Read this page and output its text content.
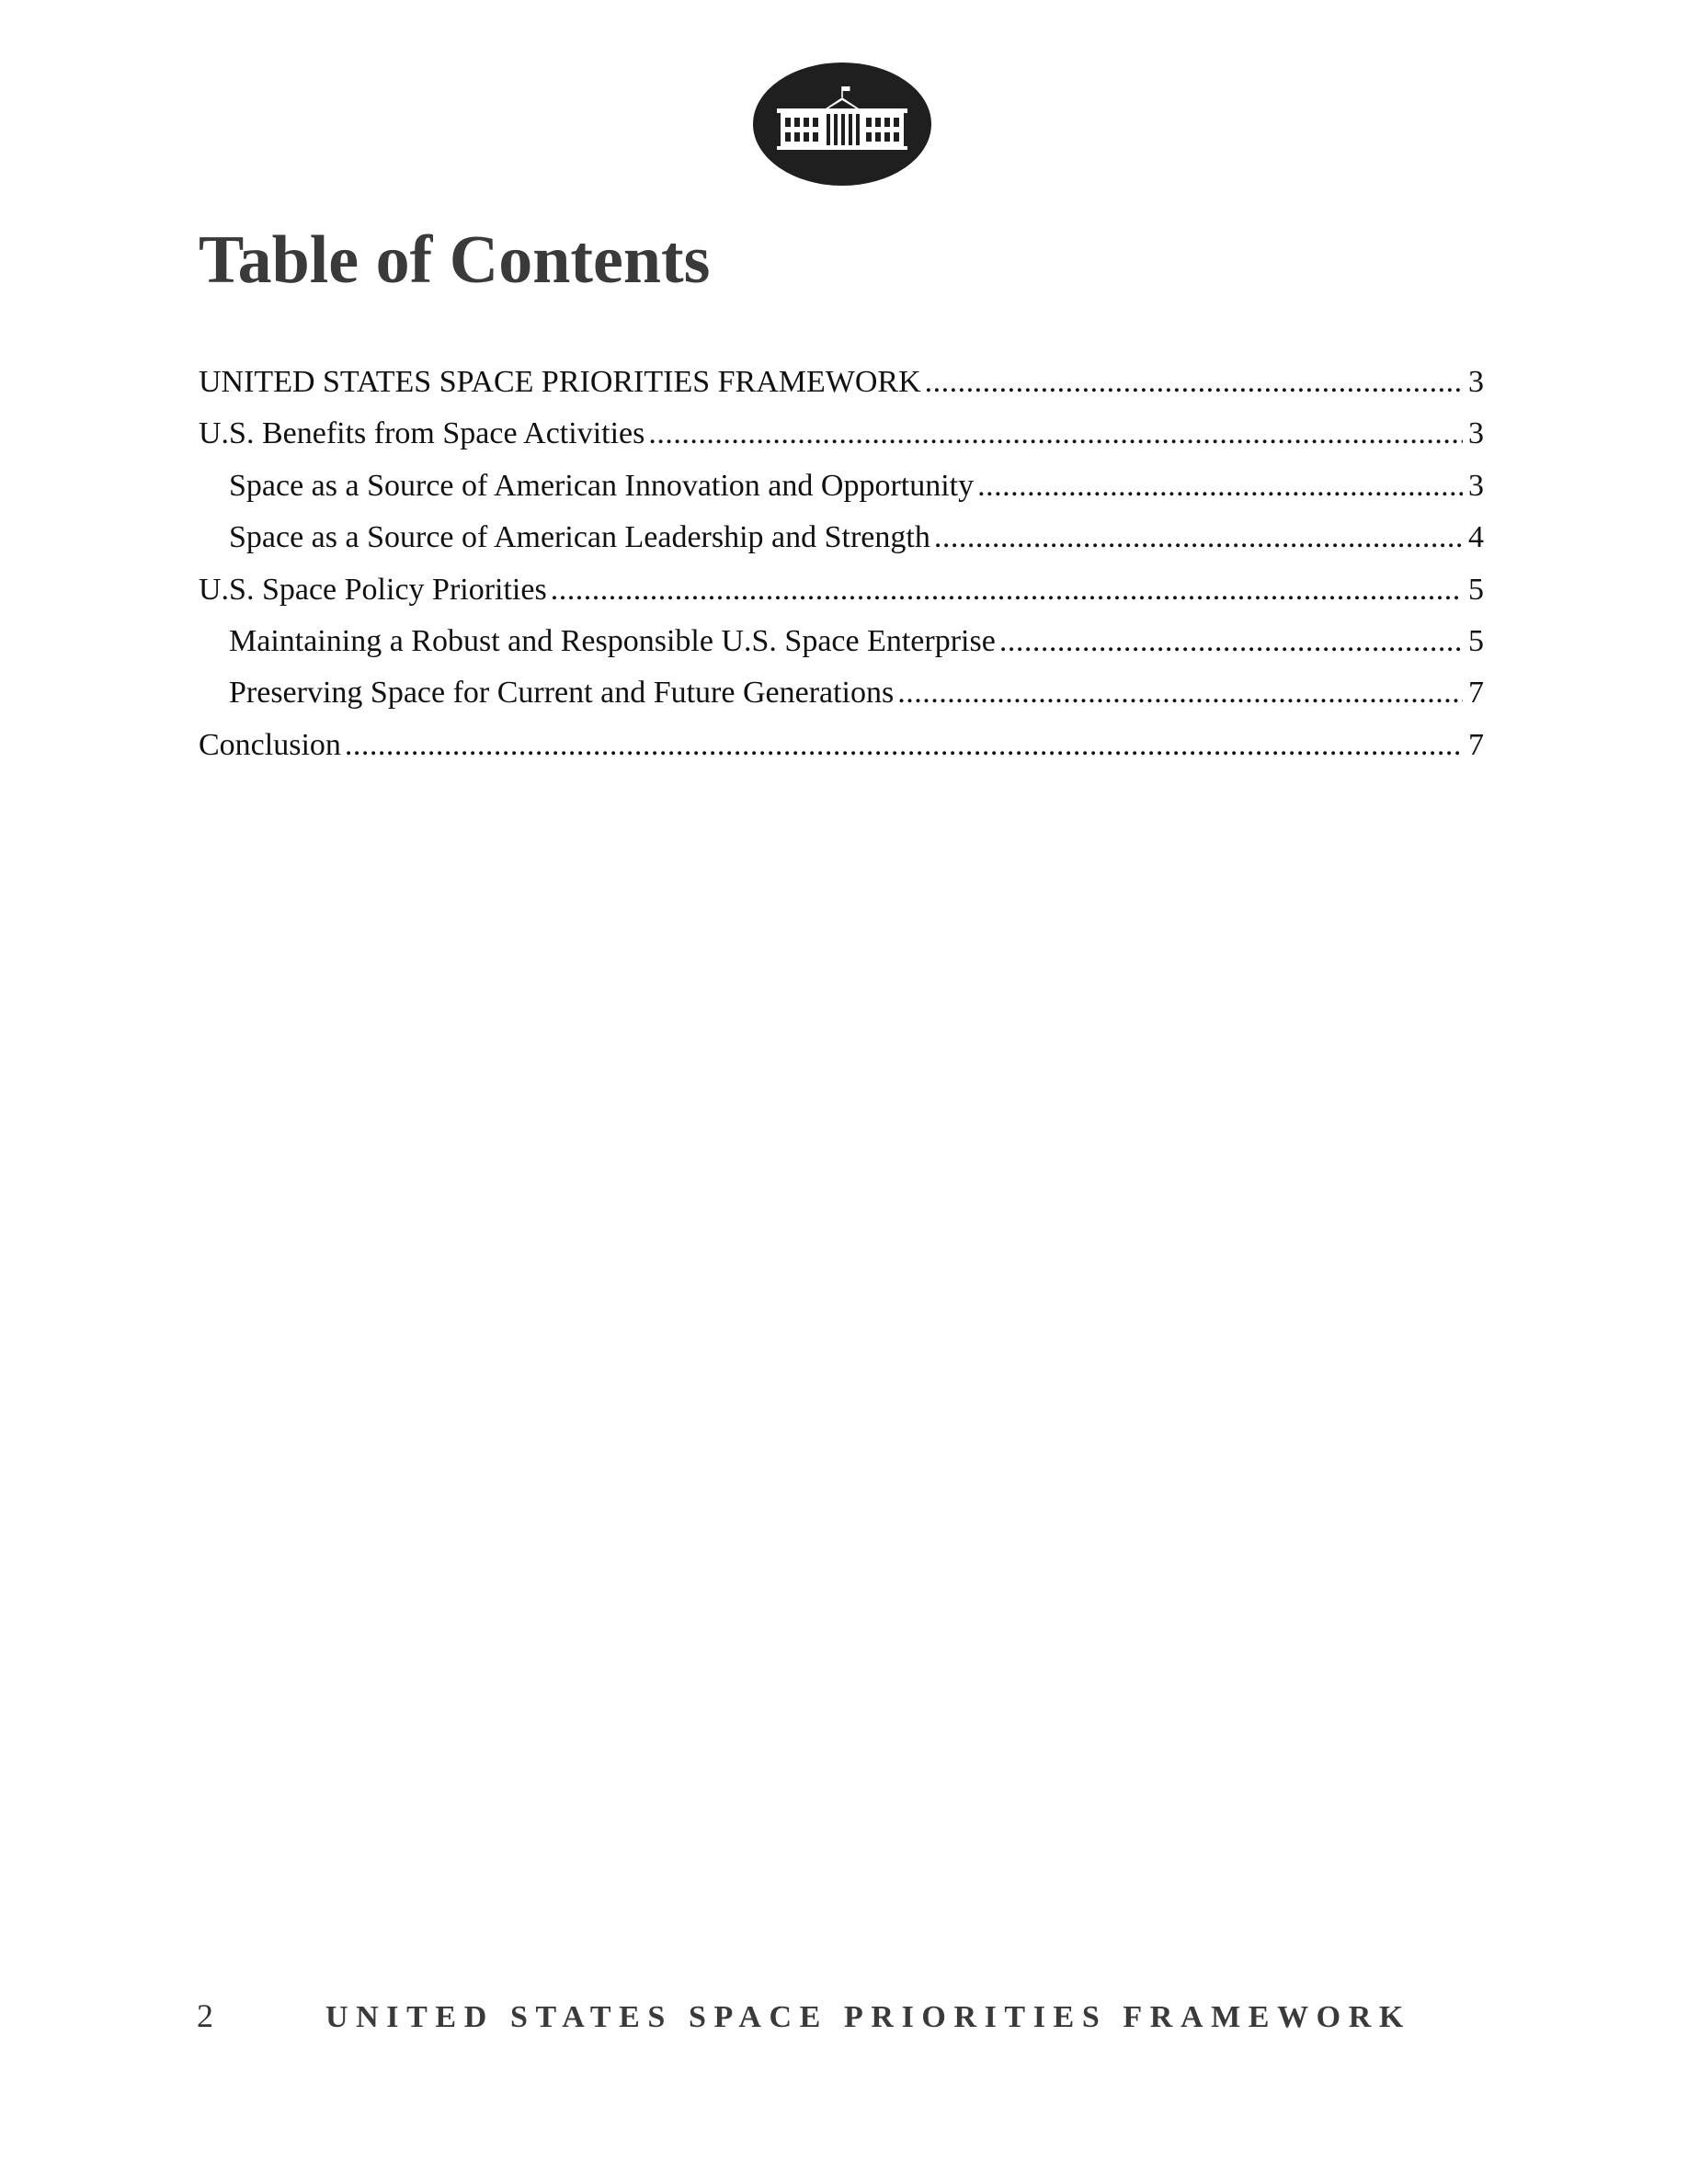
Table of Contents
UNITED STATES SPACE PRIORITIES FRAMEWORK .....	3
U.S. Benefits from Space Activities .....	3
Space as a Source of American Innovation and Opportunity .....	3
Space as a Source of American Leadership and Strength .....	4
U.S. Space Policy Priorities .....	5
Maintaining a Robust and Responsible U.S. Space Enterprise .....	5
Preserving Space for Current and Future Generations .....	7
Conclusion .....	7
2	UNITED STATES SPACE PRIORITIES FRAMEWORK
